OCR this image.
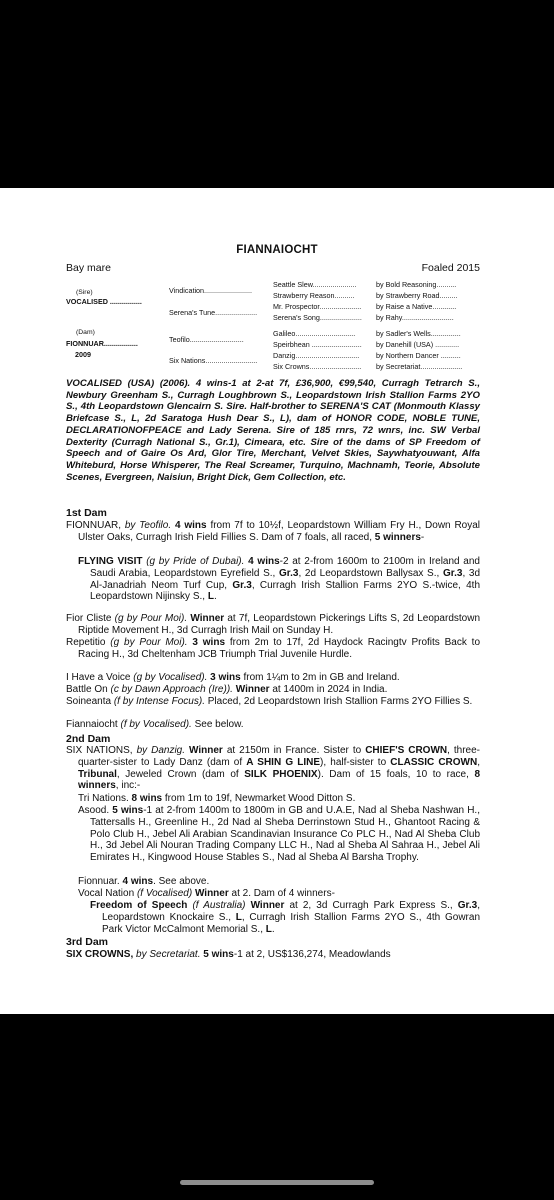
FIANNAIOCHT
Bay mare	Foaled 2015
(Sire)
VOCALISED ................
(Dam)
FIONNUAR.................
2009
Vindication........................
Serena's Tune.....................
Teofilo...........................
Six Nations..........................
Seattle Slew......................
Strawberry Reason..........
Mr. Prospector.....................
Serena's Song.....................
Galileo..............................
Speirbhean .........................
Danzig................................
Six Crowns..........................
by Bold Reasoning..........
by Strawberry Road.........
by Raise a Native............
by Rahy..........................
by Sadler's Wells...............
by Danehill (USA) ............
by Northern Dancer ..........
by Secretariat.....................
VOCALISED (USA) (2006). 4 wins-1 at 2-at 7f, £36,900, €99,540, Curragh Tetrarch S., Newbury Greenham S., Curragh Loughbrown S., Leopardstown Irish Stallion Farms 2YO S., 4th Leopardstown Glencairn S. Sire. Half-brother to SERENA'S CAT (Monmouth Klassy Briefcase S., L, 2d Saratoga Hush Dear S., L), dam of HONOR CODE, NOBLE TUNE, DECLARATIONOFPEACE and Lady Serena. Sire of 185 rnrs, 72 wnrs, inc. SW Verbal Dexterity (Curragh National S., Gr.1), Cimeara, etc. Sire of the dams of SP Freedom of Speech and of Gaire Os Ard, Glor Tire, Merchant, Velvet Skies, Saywhatyouwant, Alfa Whiteburd, Horse Whisperer, The Real Screamer, Turquino, Machnamh, Teorie, Absolute Scenes, Evergreen, Naisiun, Bright Dick, Gem Collection, etc.
1st Dam
FIONNUAR, by Teofilo. 4 wins from 7f to 10½f, Leopardstown William Fry H., Down Royal Ulster Oaks, Curragh Irish Field Fillies S. Dam of 7 foals, all raced, 5 winners-
FLYING VISIT (g by Pride of Dubai). 4 wins-2 at 2-from 1600m to 2100m in Ireland and Saudi Arabia, Leopardstown Eyrefield S., Gr.3, 2d Leopardstown Ballysax S., Gr.3, 3d Al-Janadriah Neom Turf Cup, Gr.3, Curragh Irish Stallion Farms 2YO S.-twice, 4th Leopardstown Nijinsky S., L.
Fior Cliste (g by Pour Moi). Winner at 7f, Leopardstown Pickerings Lifts S, 2d Leopardstown Riptide Movement H., 3d Curragh Irish Mail on Sunday H.
Repetitio (g by Pour Moi). 3 wins from 2m to 17f, 2d Haydock Racingtv Profits Back to Racing H., 3d Cheltenham JCB Triumph Trial Juvenile Hurdle.
I Have a Voice (g by Vocalised). 3 wins from 1¼m to 2m in GB and Ireland.
Battle On (c by Dawn Approach (Ire)). Winner at 1400m in 2024 in India.
Soineanta (f by Intense Focus). Placed, 2d Leopardstown Irish Stallion Farms 2YO Fillies S.
Fiannaiocht (f by Vocalised). See below.
2nd Dam
SIX NATIONS, by Danzig. Winner at 2150m in France. Sister to CHIEF'S CROWN, three-quarter-sister to Lady Danz (dam of A SHIN G LINE), half-sister to CLASSIC CROWN, Tribunal, Jeweled Crown (dam of SILK PHOENIX). Dam of 15 foals, 10 to race, 8 winners, inc:-
Tri Nations. 8 wins from 1m to 19f, Newmarket Wood Ditton S.
Asood. 5 wins-1 at 2-from 1400m to 1800m in GB and U.A.E, Nad al Sheba Nashwan H., Tattersalls H., Greenline H., 2d Nad al Sheba Derrinstown Stud H., Ghantoot Racing & Polo Club H., Jebel Ali Arabian Scandinavian Insurance Co PLC H., Nad Al Sheba Club H., 3d Jebel Ali Nouran Trading Company LLC H., Nad al Sheba Al Sahraa H., Jebel Ali Emirates H., Kingwood House Stables S., Nad al Sheba Al Barsha Trophy.
Fionnuar. 4 wins. See above.
Vocal Nation (f Vocalised) Winner at 2. Dam of 4 winners-
Freedom of Speech (f Australia) Winner at 2, 3d Curragh Park Express S., Gr.3, Leopardstown Knockaire S., L, Curragh Irish Stallion Farms 2YO S., 4th Gowran Park Victor McCalmont Memorial S., L.
3rd Dam
SIX CROWNS, by Secretariat. 5 wins-1 at 2, US$136,274, Meadowlands
